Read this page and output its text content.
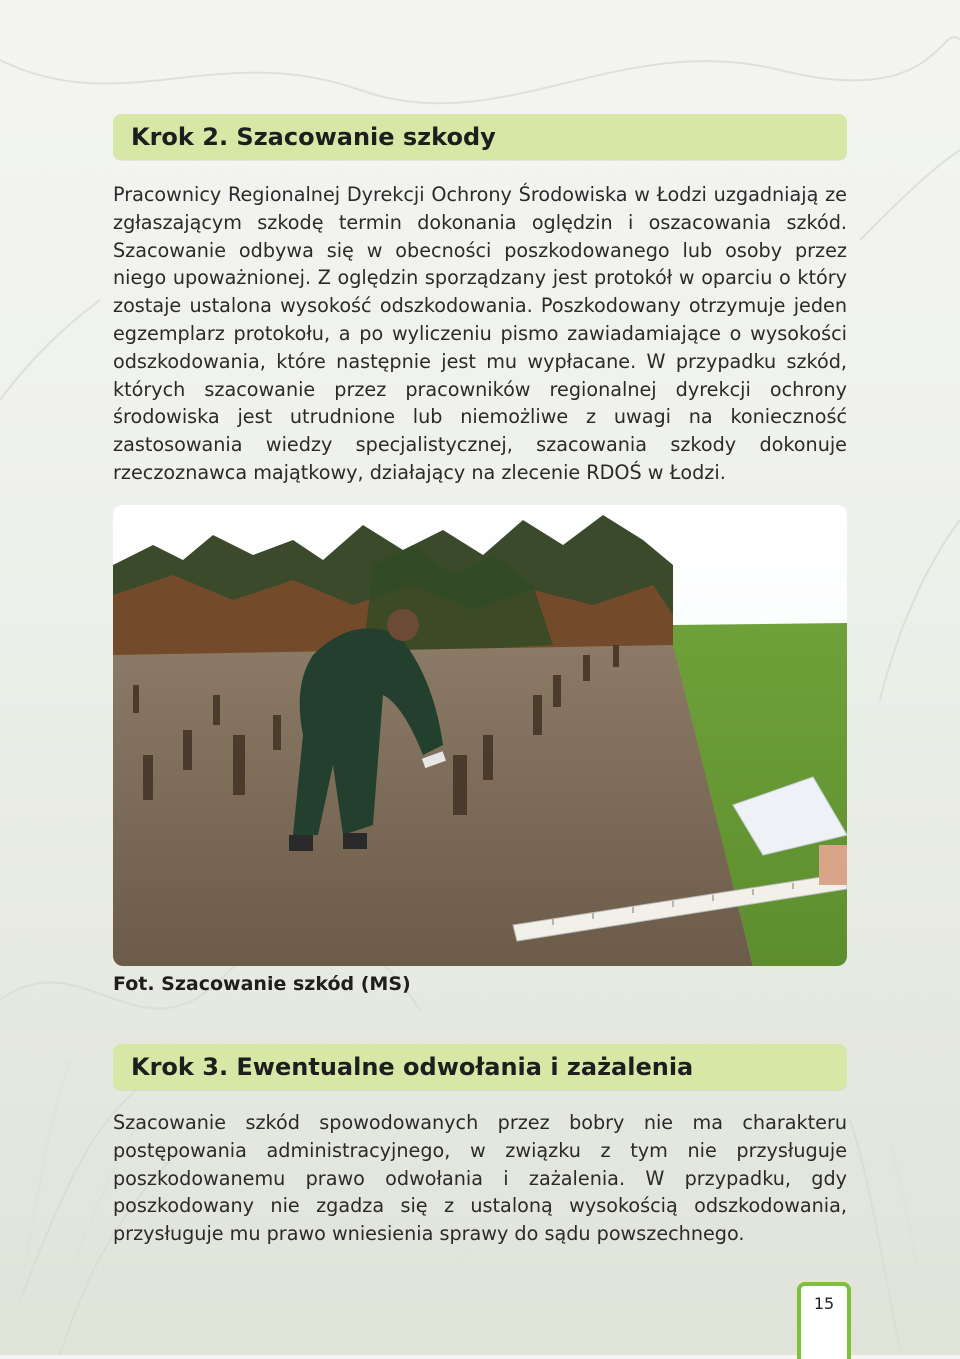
Krok 2. Szacowanie szkody

Pracownicy Regionalnej Dyrekcji Ochrony Środowiska w Łodzi uzgadniają ze zgłaszającym szkodę termin dokonania oględzin i oszacowania szkód. Szacowanie odbywa się w obecności poszkodowanego lub osoby przez niego upoważnionej. Z oględzin sporządzany jest protokół w oparciu o który zostaje ustalona wysokość odszkodowania. Poszkodowany otrzymuje jeden egzemplarz protokołu, a po wyliczeniu pismo zawiadamiające o wysokości odszkodowania, które następnie jest mu wypłacane. W przypadku szkód, których szacowanie przez pracowników regionalnej dyrekcji ochrony środowiska jest utrudnione lub niemożliwe z uwagi na konieczność zastosowania wiedzy specjalistycznej, szacowania szkody dokonuje rzeczoznawca majątkowy, działający na zlecenie RDOŚ w Łodzi.

Fot. Szacowanie szkód (MS)
Krok 3. Ewentualne odwołania i zażalenia

Szacowanie szkód spowodowanych przez bobry nie ma charakteru postępowania administracyjnego, w związku z tym nie przysługuje poszkodowanemu prawo odwołania i zażalenia. W przypadku, gdy poszkodowany nie zgadza się z ustaloną wysokością odszkodowania, przysługuje mu prawo wniesienia sprawy do sądu powszechnego.

15
